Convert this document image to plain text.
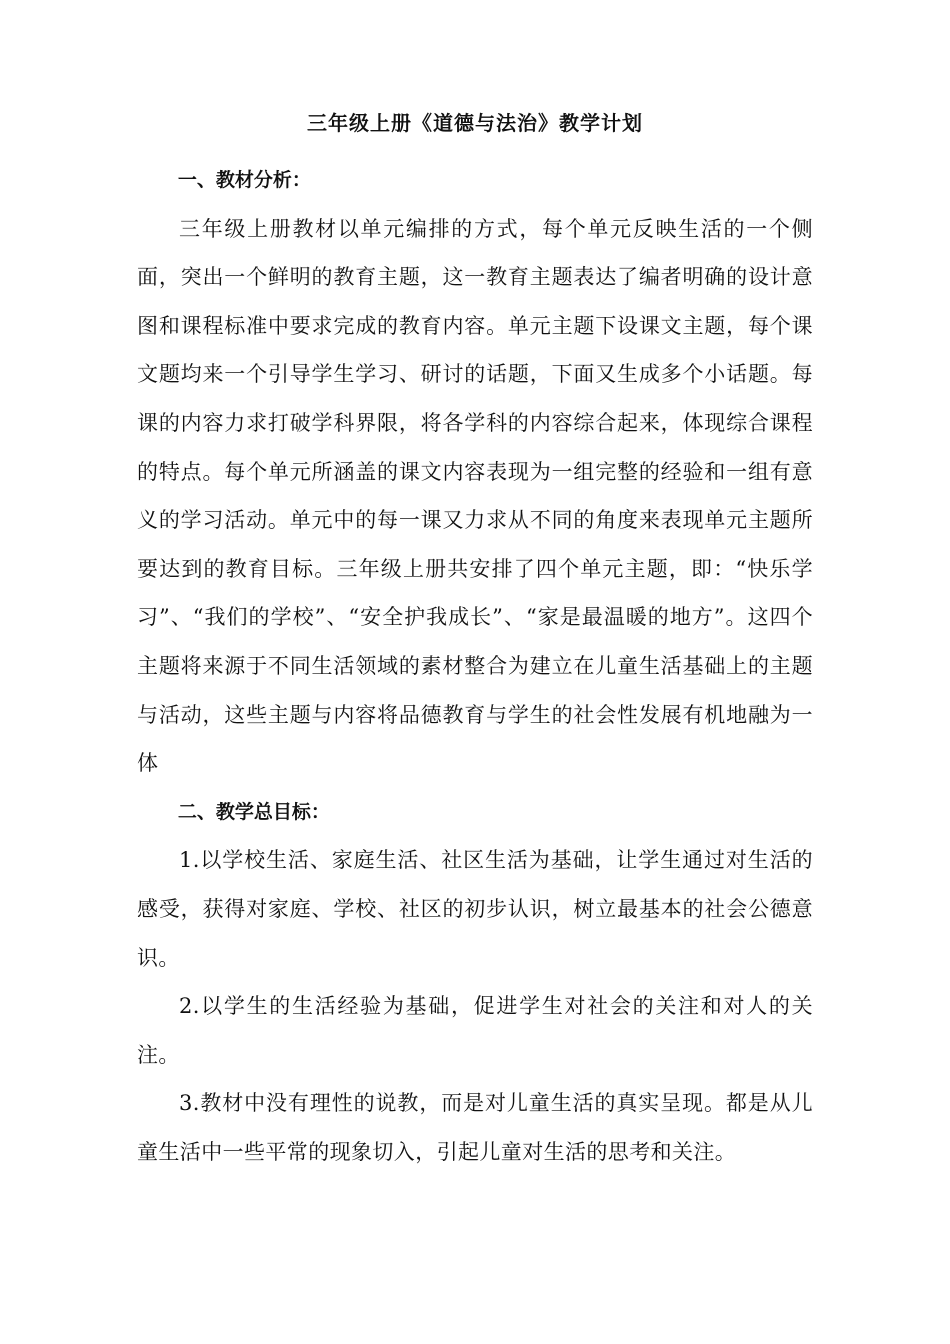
三年级上册《道德与法治》教学计划

一、教材分析：

三年级上册教材以单元编排的方式，每个单元反映生活的一个侧面，突出一个鲜明的教育主题，这一教育主题表达了编者明确的设计意图和课程标准中要求完成的教育内容。单元主题下设课文主题，每个课文题均来一个引导学生学习、研讨的话题，下面又生成多个小话题。每课的内容力求打破学科界限，将各学科的内容综合起来，体现综合课程的特点。每个单元所涵盖的课文内容表现为一组完整的经验和一组有意义的学习活动。单元中的每一课又力求从不同的角度来表现单元主题所要达到的教育目标。三年级上册共安排了四个单元主题，即：“快乐学习”、“我们的学校”、“安全护我成长”、“家是最温暖的地方”。这四个主题将来源于不同生活领域的素材整合为建立在儿童生活基础上的主题与活动，这些主题与内容将品德教育与学生的社会性发展有机地融为一体

二、教学总目标：

1.以学校生活、家庭生活、社区生活为基础，让学生通过对生活的感受，获得对家庭、学校、社区的初步认识，树立最基本的社会公德意识。

2.以学生的生活经验为基础，促进学生对社会的关注和对人的关注。

3.教材中没有理性的说教，而是对儿童生活的真实呈现。都是从儿童生活中一些平常的现象切入，引起儿童对生活的思考和关注。
